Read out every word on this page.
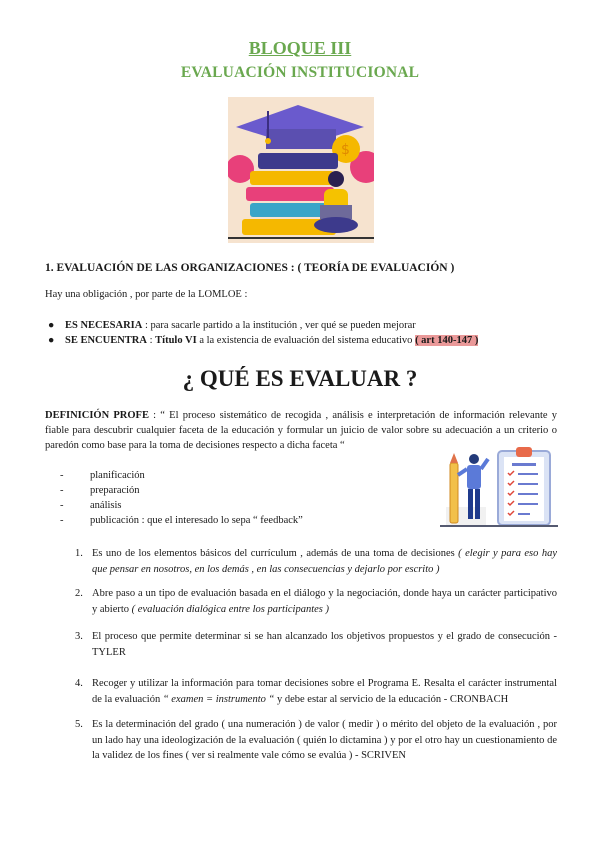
BLOQUE III
EVALUACIÓN INSTITUCIONAL
$
1. EVALUACIÓN DE LAS ORGANIZACIONES : ( TEORÍA DE EVALUACIÓN )
Hay una obligación , por parte de la LOMLOE :
● ES NECESARIA : para sacarle partido a la institución , ver qué se pueden mejorar
● SE ENCUENTRA : Título VI a la existencia de evaluación del sistema educativo ( art 140-147 )
¿ QUÉ ES EVALUAR ?
DEFINICIÓN PROFE : “ El proceso sistemático de recogida , análisis e interpretación de información relevante y fiable para descubrir cualquier faceta de la educación y formular un juicio de valor sobre su adecuación a un criterio o paredón como base para la toma de decisiones respecto a dicha faceta “
-	planificación
-	preparación
-	análisis
-	publicación : que el interesado lo sepa “ feedback”
1. Es uno de los elementos básicos del currículum , además de una toma de decisiones ( elegir y para eso hay que pensar en nosotros, en los demás , en las consecuencias y dejarlo por escrito )
2. Abre paso a un tipo de evaluación basada en el diálogo y la negociación, donde haya un carácter participativo y abierto ( evaluación dialógica entre los participantes )
3. El proceso que permite determinar si se han alcanzado los objetivos propuestos y el grado de consecución - TYLER
4. Recoger y utilizar la información para tomar decisiones sobre el Programa E. Resalta el carácter instrumental de la evaluación “ examen = instrumento “ y debe estar al servicio de la educación - CRONBACH
5. Es la determinación del grado ( una numeración ) de valor ( medir ) o mérito del objeto de la evaluación , por un lado hay una ideologización de la evaluación ( quién lo dictamina ) y por el otro hay un cuestionamiento de la validez de los fines ( ver si realmente vale cómo se evalúa ) - SCRIVEN
